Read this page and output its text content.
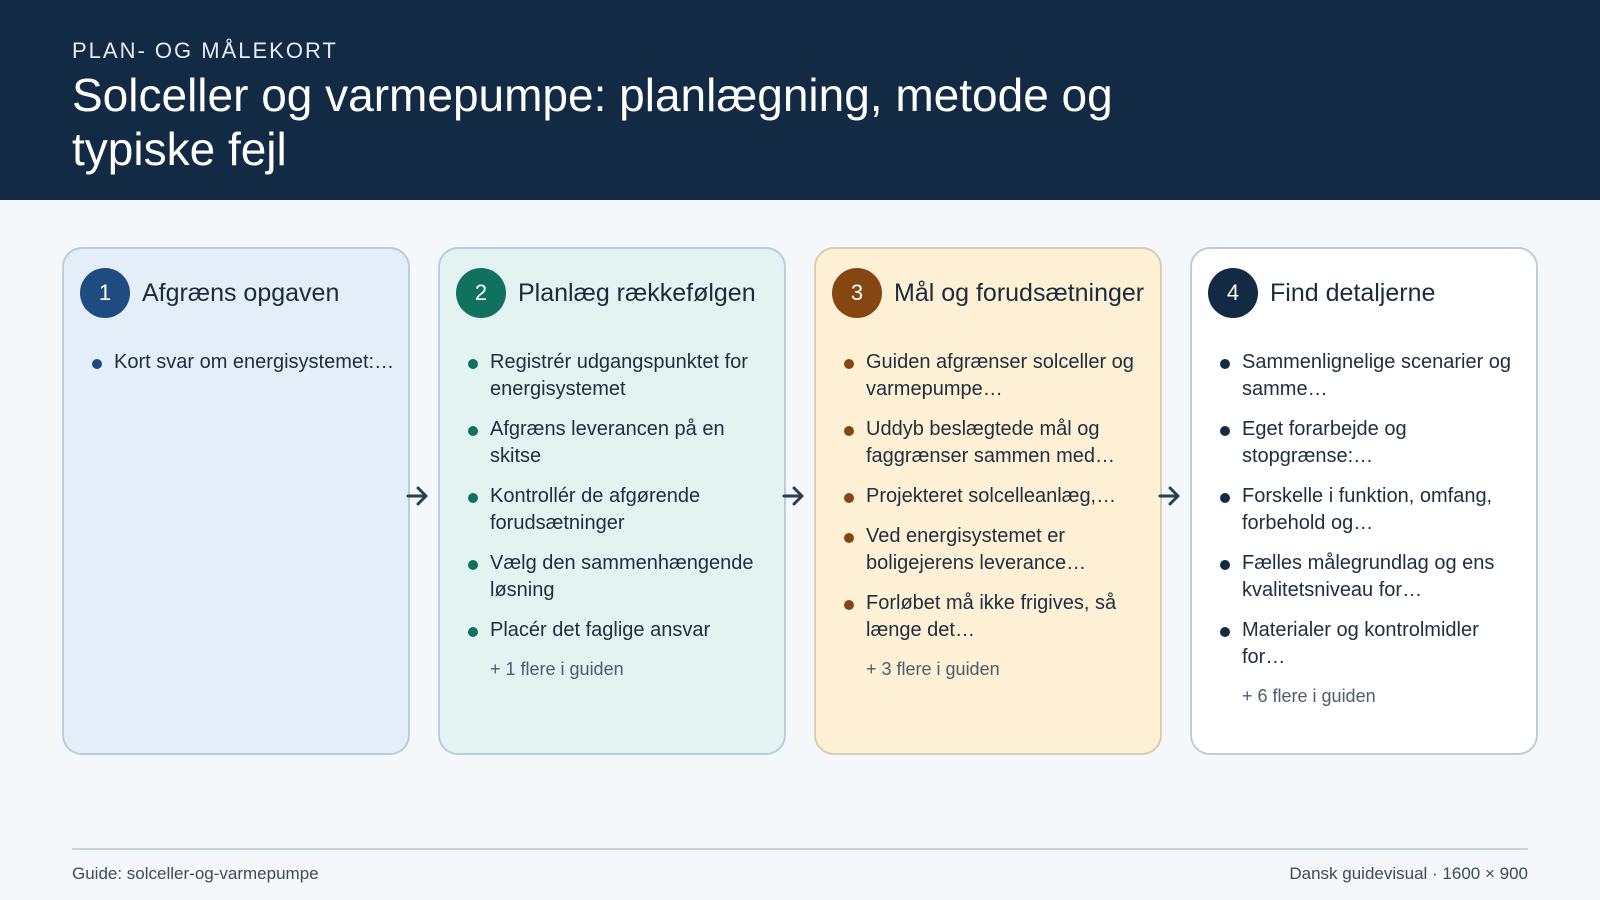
PLAN- OG MÅLEKORT
Solceller og varmepumpe: planlægning, metode og typiske fejl
1	Afgræns opgaven
Kort svar om energisystemet:…
2	Planlæg rækkefølgen
Registrér udgangspunktet for energisystemet
Afgræns leverancen på en skitse
Kontrollér de afgørende forudsætninger
Vælg den sammenhængende løsning
Placér det faglige ansvar
+ 1 flere i guiden
3	Mål og forudsætninger
Guiden afgrænser solceller og varmepumpe…
Uddyb beslægtede mål og faggrænser sammen med…
Projekteret solcelleanlæg,…
Ved energisystemet er boligejerens leverance…
Forløbet må ikke frigives, så længe det…
+ 3 flere i guiden
4	Find detaljerne
Sammenlignelige scenarier og samme…
Eget forarbejde og stopgrænse:…
Forskelle i funktion, omfang, forbehold og…
Fælles målegrundlag og ens kvalitetsniveau for…
Materialer og kontrolmidler for…
+ 6 flere i guiden
Guide: solceller-og-varmepumpe	Dansk guidevisual · 1600 × 900
